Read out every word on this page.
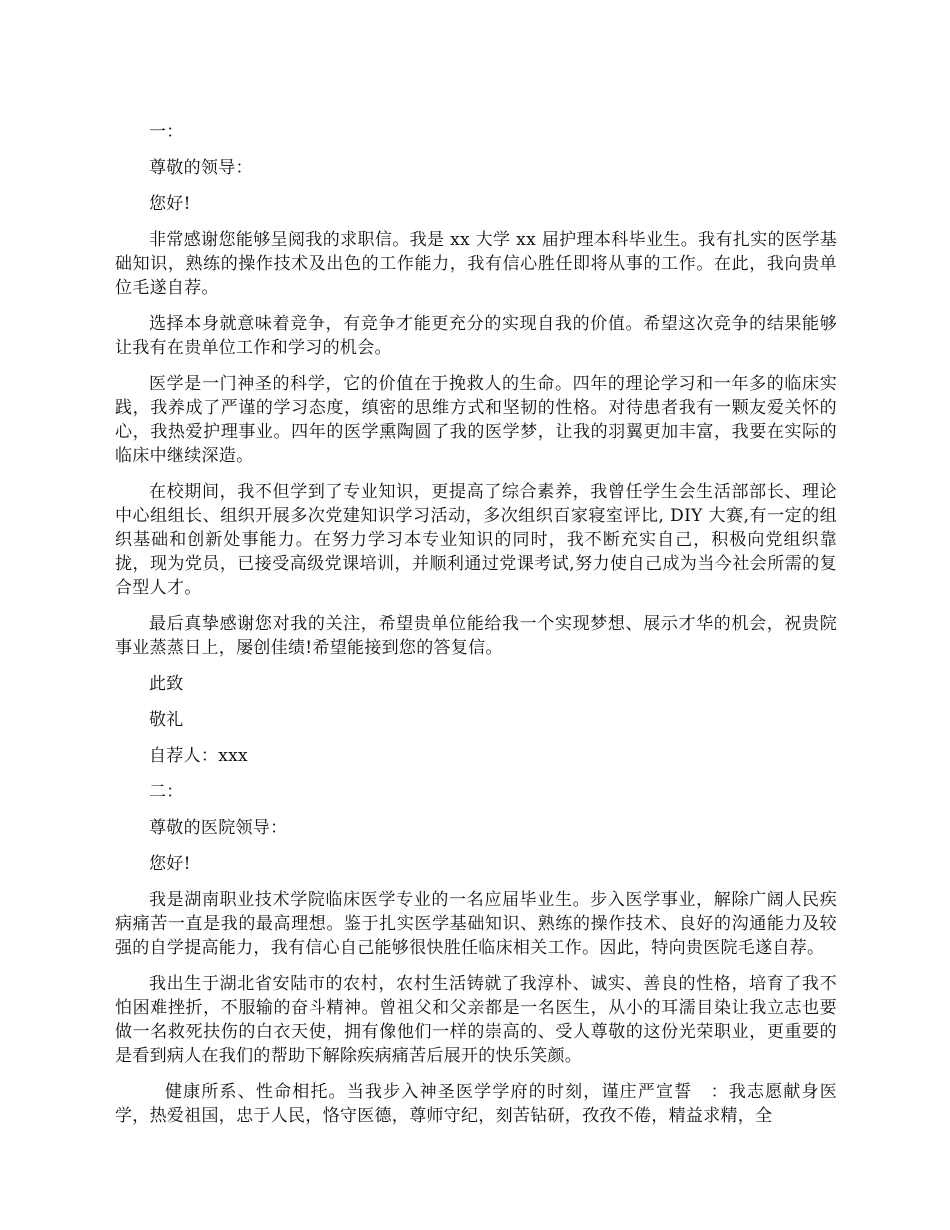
一：
尊敬的领导：
您好!

非常感谢您能够呈阅我的求职信。我是 xx 大学 xx 届护理本科毕业生。我有扎实的医学基础知识，熟练的操作技术及出色的工作能力，我有信心胜任即将从事的工作。在此，我向贵单位毛遂自荐。

选择本身就意味着竞争，有竞争才能更充分的实现自我的价值。希望这次竞争的结果能够让我有在贵单位工作和学习的机会。

医学是一门神圣的科学，它的价值在于挽救人的生命。四年的理论学习和一年多的临床实践，我养成了严谨的学习态度，缜密的思维方式和坚韧的性格。对待患者我有一颗友爱关怀的心，我热爱护理事业。四年的医学熏陶圆了我的医学梦，让我的羽翼更加丰富，我要在实际的临床中继续深造。

在校期间，我不但学到了专业知识，更提高了综合素养，我曾任学生会生活部部长、理论中心组组长、组织开展多次党建知识学习活动，多次组织百家寝室评比, DIY 大赛,有一定的组织基础和创新处事能力。在努力学习本专业知识的同时，我不断充实自己，积极向党组织靠拢，现为党员，已接受高级党课培训，并顺利通过党课考试,努力使自己成为当今社会所需的复合型人才。

最后真挚感谢您对我的关注，希望贵单位能给我一个实现梦想、展示才华的机会，祝贵院事业蒸蒸日上，屡创佳绩!希望能接到您的答复信。

此致
敬礼
自荐人：xxx
二：
尊敬的医院领导：
您好!

我是湖南职业技术学院临床医学专业的一名应届毕业生。步入医学事业，解除广阔人民疾病痛苦一直是我的最高理想。鉴于扎实医学基础知识、熟练的操作技术、良好的沟通能力及较强的自学提高能力，我有信心自己能够很快胜任临床相关工作。因此，特向贵医院毛遂自荐。

我出生于湖北省安陆市的农村，农村生活铸就了我淳朴、诚实、善良的性格，培育了我不怕困难挫折，不服输的奋斗精神。曾祖父和父亲都是一名医生，从小的耳濡目染让我立志也要做一名救死扶伤的白衣天使，拥有像他们一样的崇高的、受人尊敬的这份光荣职业，更重要的是看到病人在我们的帮助下解除疾病痛苦后展开的快乐笑颜。

健康所系、性命相托。当我步入神圣医学学府的时刻，谨庄严宣誓　：我志愿献身医学，热爱祖国，忠于人民，恪守医德，尊师守纪，刻苦钻研，孜孜不倦，精益求精，全
